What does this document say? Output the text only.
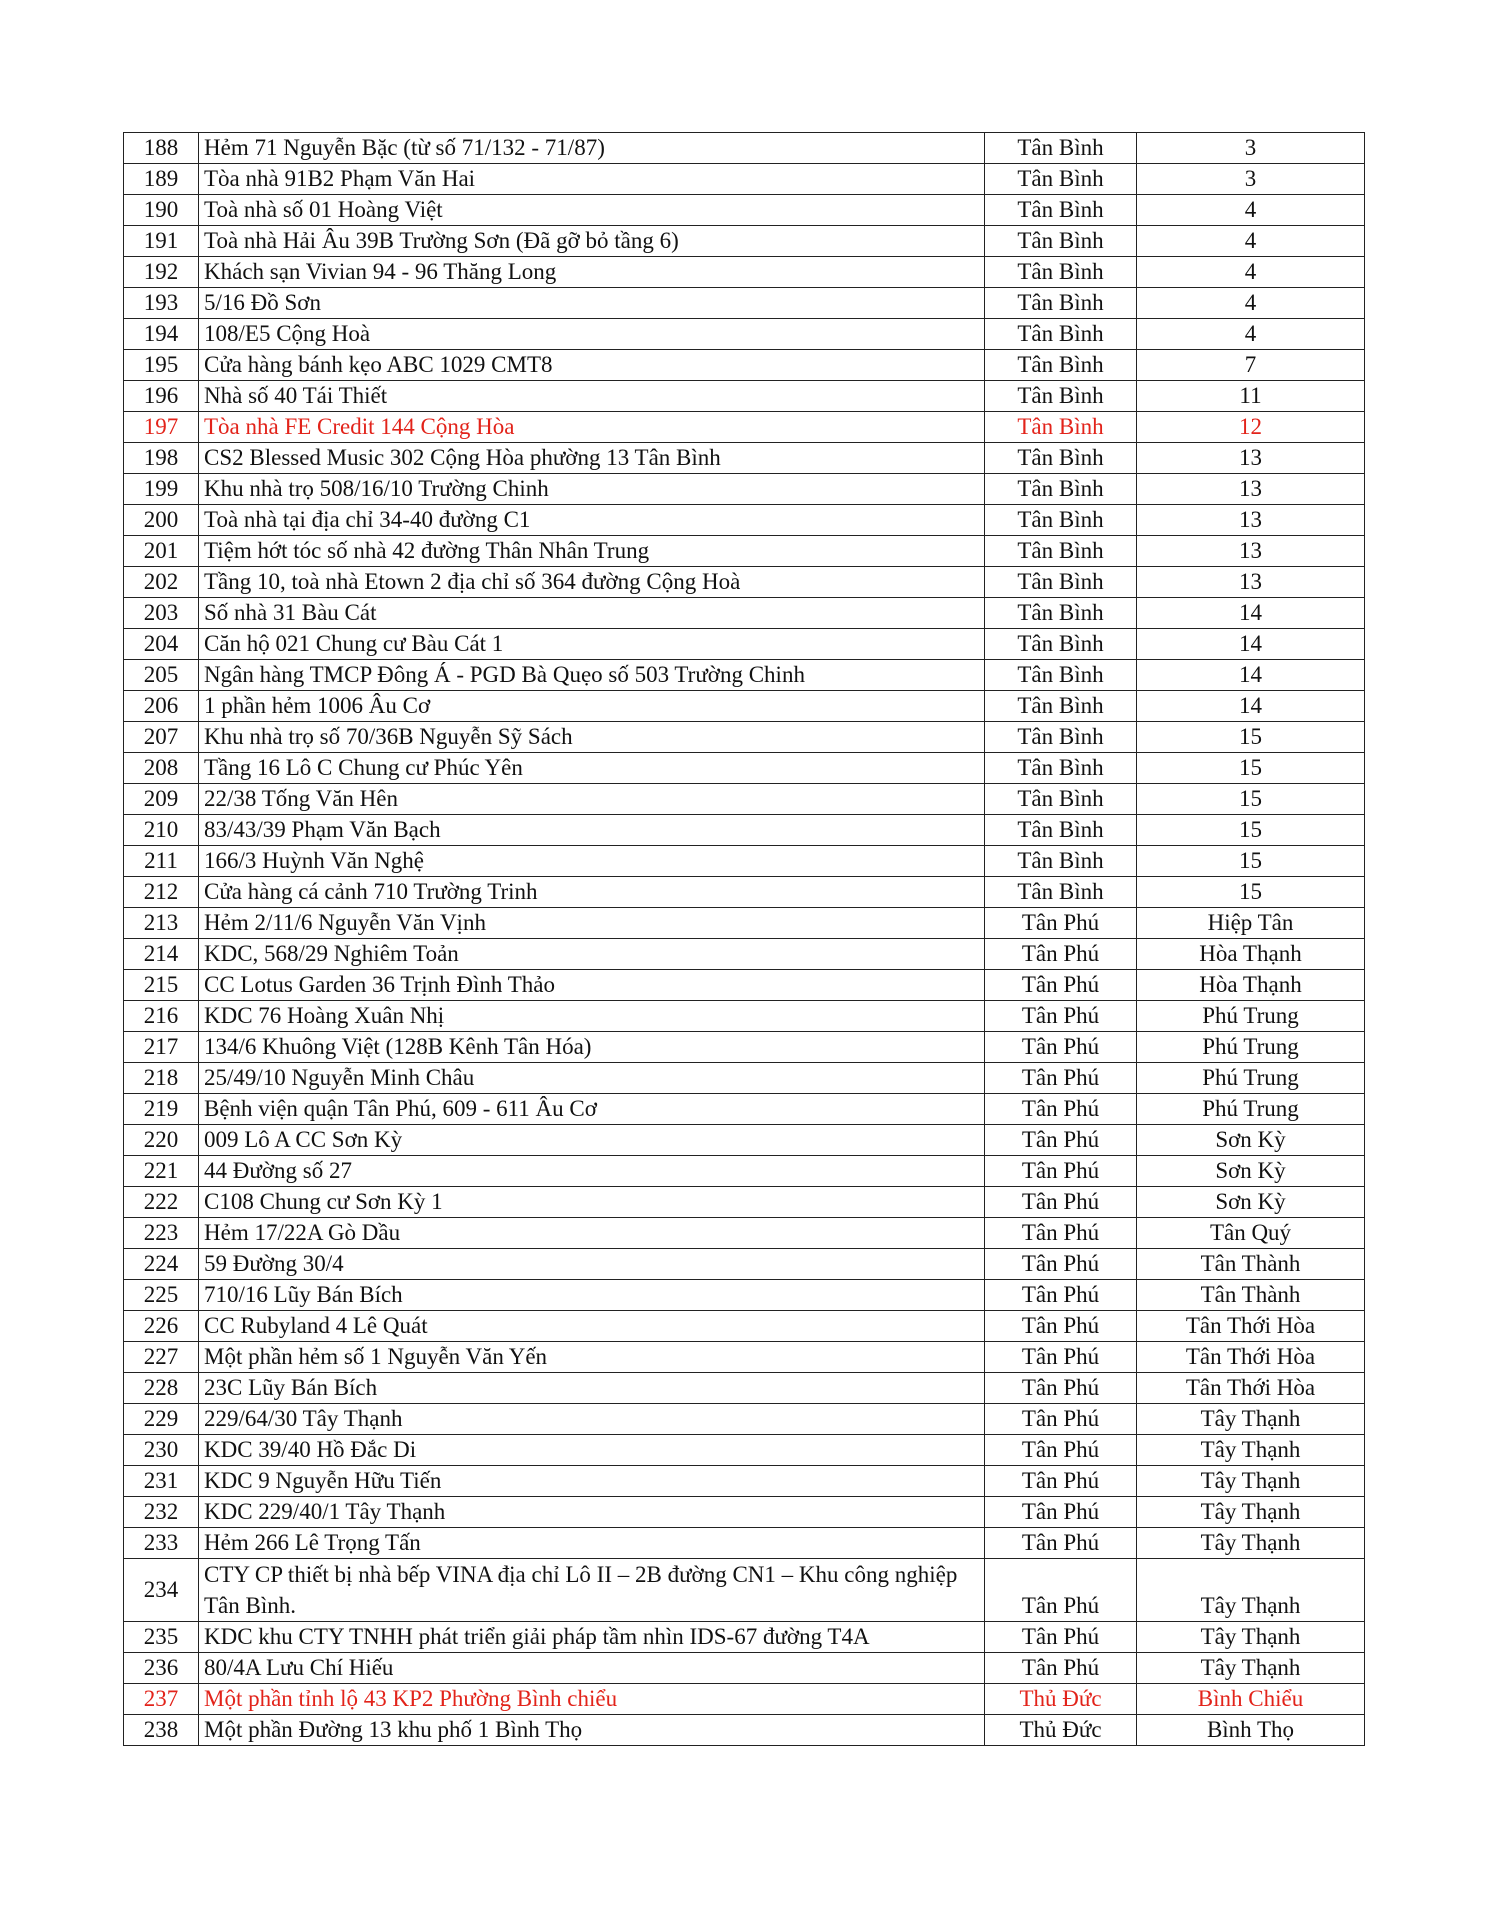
188	Hẻm 71 Nguyễn Bặc (từ số 71/132 - 71/87)	Tân Bình	3
189	Tòa nhà 91B2 Phạm Văn Hai	Tân Bình	3
190	Toà nhà số 01 Hoàng Việt	Tân Bình	4
191	Toà nhà Hải Âu 39B Trường Sơn (Đã gỡ bỏ tầng 6)	Tân Bình	4
192	Khách sạn Vivian 94 - 96 Thăng Long	Tân Bình	4
193	5/16 Đồ Sơn	Tân Bình	4
194	108/E5 Cộng Hoà	Tân Bình	4
195	Cửa hàng bánh kẹo ABC 1029 CMT8	Tân Bình	7
196	Nhà số 40 Tái Thiết	Tân Bình	11
197	Tòa nhà FE Credit 144 Cộng Hòa	Tân Bình	12
198	CS2 Blessed Music 302 Cộng Hòa phường 13 Tân Bình	Tân Bình	13
199	Khu nhà trọ 508/16/10 Trường Chinh	Tân Bình	13
200	Toà nhà tại địa chỉ 34-40 đường C1	Tân Bình	13
201	Tiệm hớt tóc số nhà 42 đường Thân Nhân Trung	Tân Bình	13
202	Tầng 10, toà nhà Etown 2 địa chỉ số 364 đường Cộng Hoà	Tân Bình	13
203	Số nhà 31 Bàu Cát	Tân Bình	14
204	Căn hộ 021 Chung cư Bàu Cát 1	Tân Bình	14
205	Ngân hàng TMCP Đông Á - PGD Bà Quẹo số 503 Trường Chinh	Tân Bình	14
206	1 phần hẻm 1006 Âu Cơ	Tân Bình	14
207	Khu nhà trọ số 70/36B Nguyễn Sỹ Sách	Tân Bình	15
208	Tầng 16 Lô C Chung cư Phúc Yên	Tân Bình	15
209	22/38 Tống Văn Hên	Tân Bình	15
210	83/43/39 Phạm Văn Bạch	Tân Bình	15
211	166/3 Huỳnh Văn Nghệ	Tân Bình	15
212	Cửa hàng cá cảnh 710 Trường Trinh	Tân Bình	15
213	Hẻm 2/11/6 Nguyễn Văn Vịnh	Tân Phú	Hiệp Tân
214	KDC, 568/29 Nghiêm Toản	Tân Phú	Hòa Thạnh
215	CC Lotus Garden 36 Trịnh Đình Thảo	Tân Phú	Hòa Thạnh
216	KDC 76 Hoàng Xuân Nhị	Tân Phú	Phú Trung
217	134/6 Khuông Việt (128B Kênh Tân Hóa)	Tân Phú	Phú Trung
218	25/49/10 Nguyễn Minh Châu	Tân Phú	Phú Trung
219	Bệnh viện quận Tân Phú, 609 - 611 Âu Cơ	Tân Phú	Phú Trung
220	009 Lô A CC Sơn Kỳ	Tân Phú	Sơn Kỳ
221	44 Đường số 27	Tân Phú	Sơn Kỳ
222	C108 Chung cư Sơn Kỳ 1	Tân Phú	Sơn Kỳ
223	Hẻm 17/22A Gò Dầu	Tân Phú	Tân Quý
224	59 Đường 30/4	Tân Phú	Tân Thành
225	710/16 Lũy Bán Bích	Tân Phú	Tân Thành
226	CC Rubyland 4 Lê Quát	Tân Phú	Tân Thới Hòa
227	Một phần hẻm số 1 Nguyễn Văn Yến	Tân Phú	Tân Thới Hòa
228	23C Lũy Bán Bích	Tân Phú	Tân Thới Hòa
229	229/64/30 Tây Thạnh	Tân Phú	Tây Thạnh
230	KDC 39/40 Hồ Đắc Di	Tân Phú	Tây Thạnh
231	KDC 9 Nguyễn Hữu Tiến	Tân Phú	Tây Thạnh
232	KDC 229/40/1 Tây Thạnh	Tân Phú	Tây Thạnh
233	Hẻm 266 Lê Trọng Tấn	Tân Phú	Tây Thạnh
234	CTY CP thiết bị nhà bếp VINA địa chỉ Lô II – 2B đường CN1 – Khu công nghiệp Tân Bình.	Tân Phú	Tây Thạnh
235	KDC khu CTY TNHH phát triển giải pháp tầm nhìn IDS-67 đường T4A	Tân Phú	Tây Thạnh
236	80/4A Lưu Chí Hiếu	Tân Phú	Tây Thạnh
237	Một phần tỉnh lộ 43 KP2 Phường Bình chiểu	Thủ Đức	Bình Chiểu
238	Một phần Đường 13 khu phố 1 Bình Thọ	Thủ Đức	Bình Thọ
